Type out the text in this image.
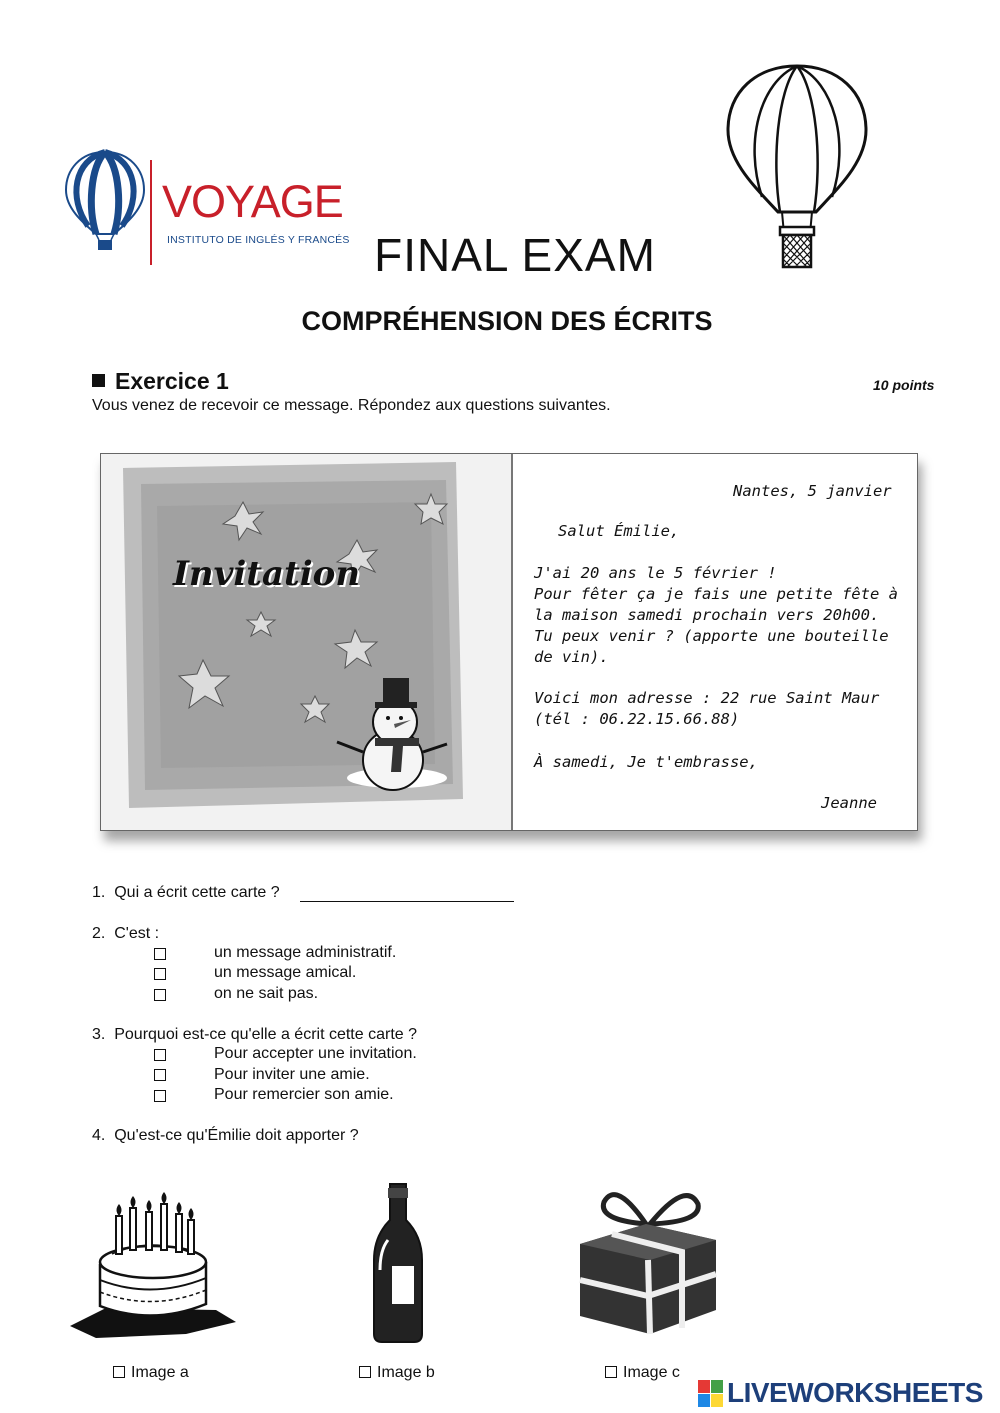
VOYAGE
INSTITUTO DE INGLÉS Y FRANCÉS FINAL EXAM
COMPRÉHENSION DES ÉCRITS
Exercice 1	10 points
Vous venez de recevoir ce message. Répondez aux questions suivantes.
Invitation
Nantes, 5 janvier
Salut Émilie,
J'ai 20 ans le 5 février !
Pour fêter ça je fais une petite fête à
la maison samedi prochain vers 20h00.
Tu peux venir ? (apporte une bouteille
de vin).
Voici mon adresse : 22 rue Saint Maur
(tél : 06.22.15.66.88)
À samedi, Je t'embrasse,
Jeanne
1. Qui a écrit cette carte ?
2. C'est :
un message administratif.
un message amical.
on ne sait pas.
3. Pourquoi est-ce qu'elle a écrit cette carte ?
Pour accepter une invitation.
Pour inviter une amie.
Pour remercier son amie.
4. Qu'est-ce qu'Émilie doit apporter ?
Image a	Image b	Image c
LIVEWORKSHEETS
